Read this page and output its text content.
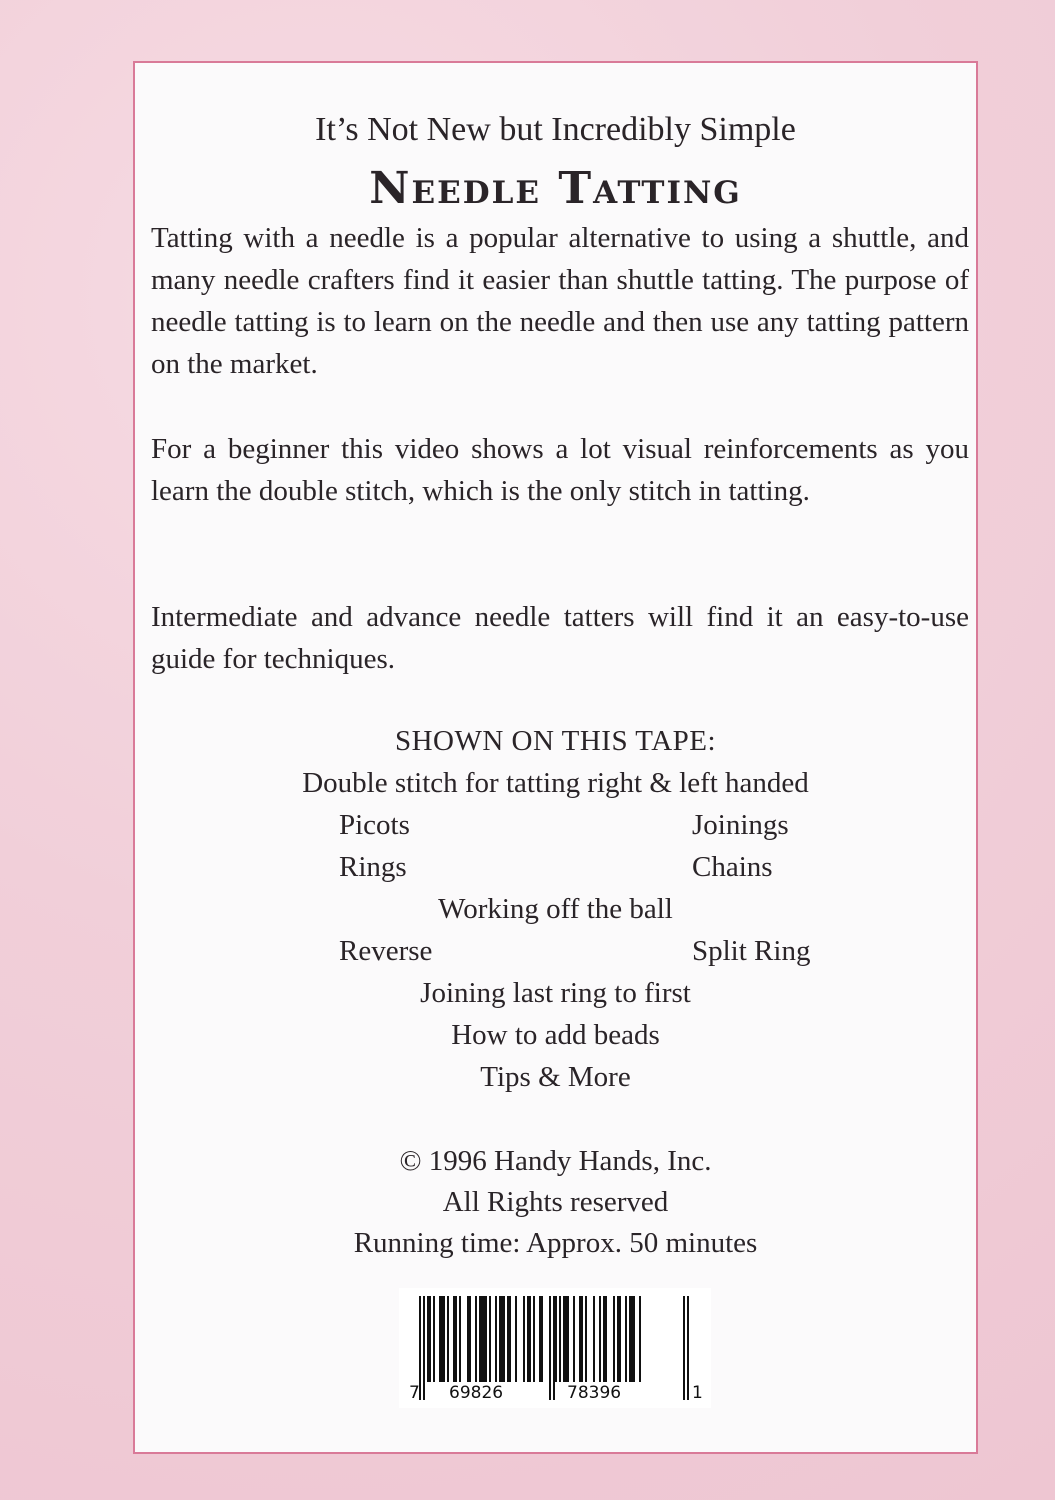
It’s Not New but Incredibly Simple
Needle Tatting

Tatting with a needle is a popular alternative to using a shuttle, and many needle crafters find it easier than shuttle tatting. The purpose of needle tatting is to learn on the needle and then use any tatting pattern on the market.

For a beginner this video shows a lot visual reinforcements as you learn the double stitch, which is the only stitch in tatting.

Intermediate and advance needle tatters will find it an easy-to-use guide for techniques.

SHOWN ON THIS TAPE:
Double stitch for tatting right & left handed
Picots	Joinings
Rings	Chains
Working off the ball
Reverse	Split Ring
Joining last ring to first
How to add beads
Tips & More
© 1996 Handy Hands, Inc.
All Rights reserved
Running time: Approx. 50 minutes
7 69826	78396	1
